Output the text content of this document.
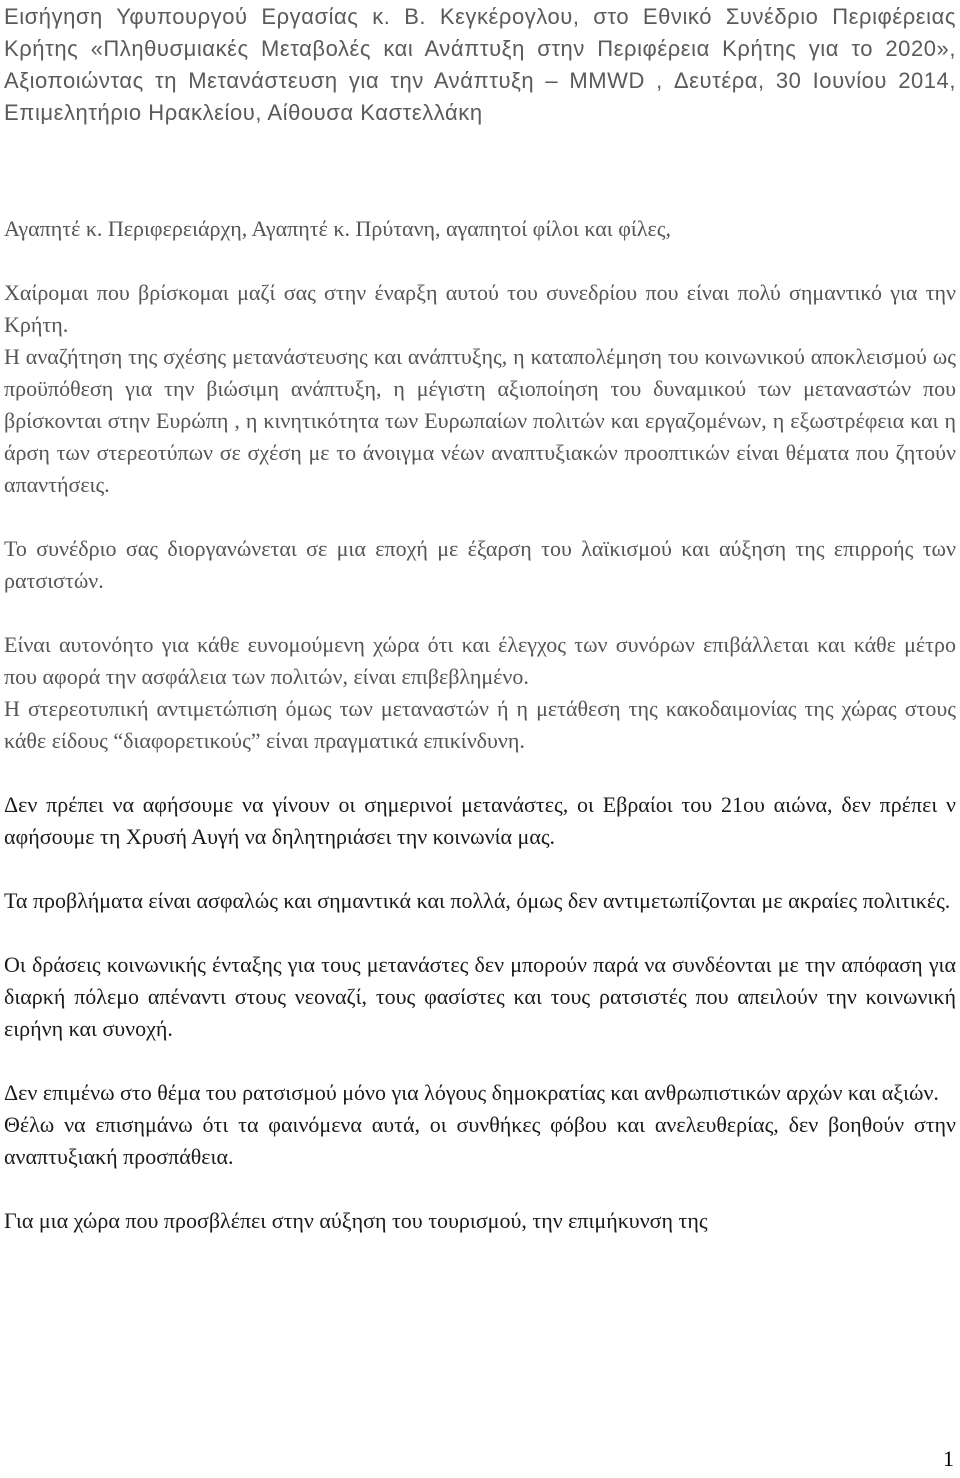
Εισήγηση Υφυπουργού Εργασίας κ. Β. Κεγκέρογλου, στο Εθνικό Συνέδριο Περιφέρειας Κρήτης «Πληθυσμιακές Μεταβολές και Ανάπτυξη στην Περιφέρεια Κρήτης για το 2020», Αξιοποιώντας τη Μετανάστευση για την Ανάπτυξη – MMWD , Δευτέρα, 30 Ιουνίου 2014, Επιμελητήριο Ηρακλείου, Αίθουσα Καστελλάκη

Αγαπητέ κ. Περιφερειάρχη, Αγαπητέ κ. Πρύτανη, αγαπητοί φίλοι και φίλες,

Χαίρομαι που βρίσκομαι μαζί σας στην έναρξη αυτού του συνεδρίου που είναι πολύ σημαντικό για την Κρήτη.

Η αναζήτηση της σχέσης μετανάστευσης και ανάπτυξης, η καταπολέμηση του κοινωνικού αποκλεισμού ως προϋπόθεση για την βιώσιμη ανάπτυξη, η μέγιστη αξιοποίηση του δυναμικού των μεταναστών που βρίσκονται στην Ευρώπη , η κινητικότητα των Ευρωπαίων πολιτών και εργαζομένων, η εξωστρέφεια και η άρση των στερεοτύπων σε σχέση με το άνοιγμα νέων αναπτυξιακών προοπτικών είναι θέματα που ζητούν απαντήσεις.

Το συνέδριο σας διοργανώνεται σε μια εποχή με έξαρση του λαϊκισμού και αύξηση της επιρροής των ρατσιστών.

Είναι αυτονόητο για κάθε ευνομούμενη χώρα ότι και έλεγχος των συνόρων επιβάλλεται και κάθε μέτρο που αφορά την ασφάλεια των πολιτών, είναι επιβεβλημένο.

Η στερεοτυπική αντιμετώπιση όμως των μεταναστών ή η μετάθεση της κακοδαιμονίας της χώρας στους κάθε είδους “διαφορετικούς” είναι πραγματικά επικίνδυνη.

Δεν πρέπει να αφήσουμε να γίνουν οι σημερινοί μετανάστες, οι Εβραίοι του 21ου αιώνα, δεν πρέπει ν αφήσουμε τη Χρυσή Αυγή να δηλητηριάσει την κοινωνία μας.

Τα προβλήματα είναι ασφαλώς και σημαντικά και πολλά, όμως δεν αντιμετωπίζονται με ακραίες πολιτικές.

Οι δράσεις κοινωνικής ένταξης για τους μετανάστες δεν μπορούν παρά να συνδέονται με την απόφαση για διαρκή πόλεμο απέναντι στους νεοναζί, τους φασίστες και τους ρατσιστές που απειλούν την κοινωνική ειρήνη και συνοχή.

Δεν επιμένω στο θέμα του ρατσισμού μόνο για λόγους δημοκρατίας και ανθρωπιστικών αρχών και αξιών.

Θέλω να επισημάνω ότι τα φαινόμενα αυτά, οι συνθήκες φόβου και ανελευθερίας, δεν βοηθούν στην αναπτυξιακή προσπάθεια.

Για μια χώρα που προσβλέπει στην αύξηση του τουρισμού, την επιμήκυνση της

1
